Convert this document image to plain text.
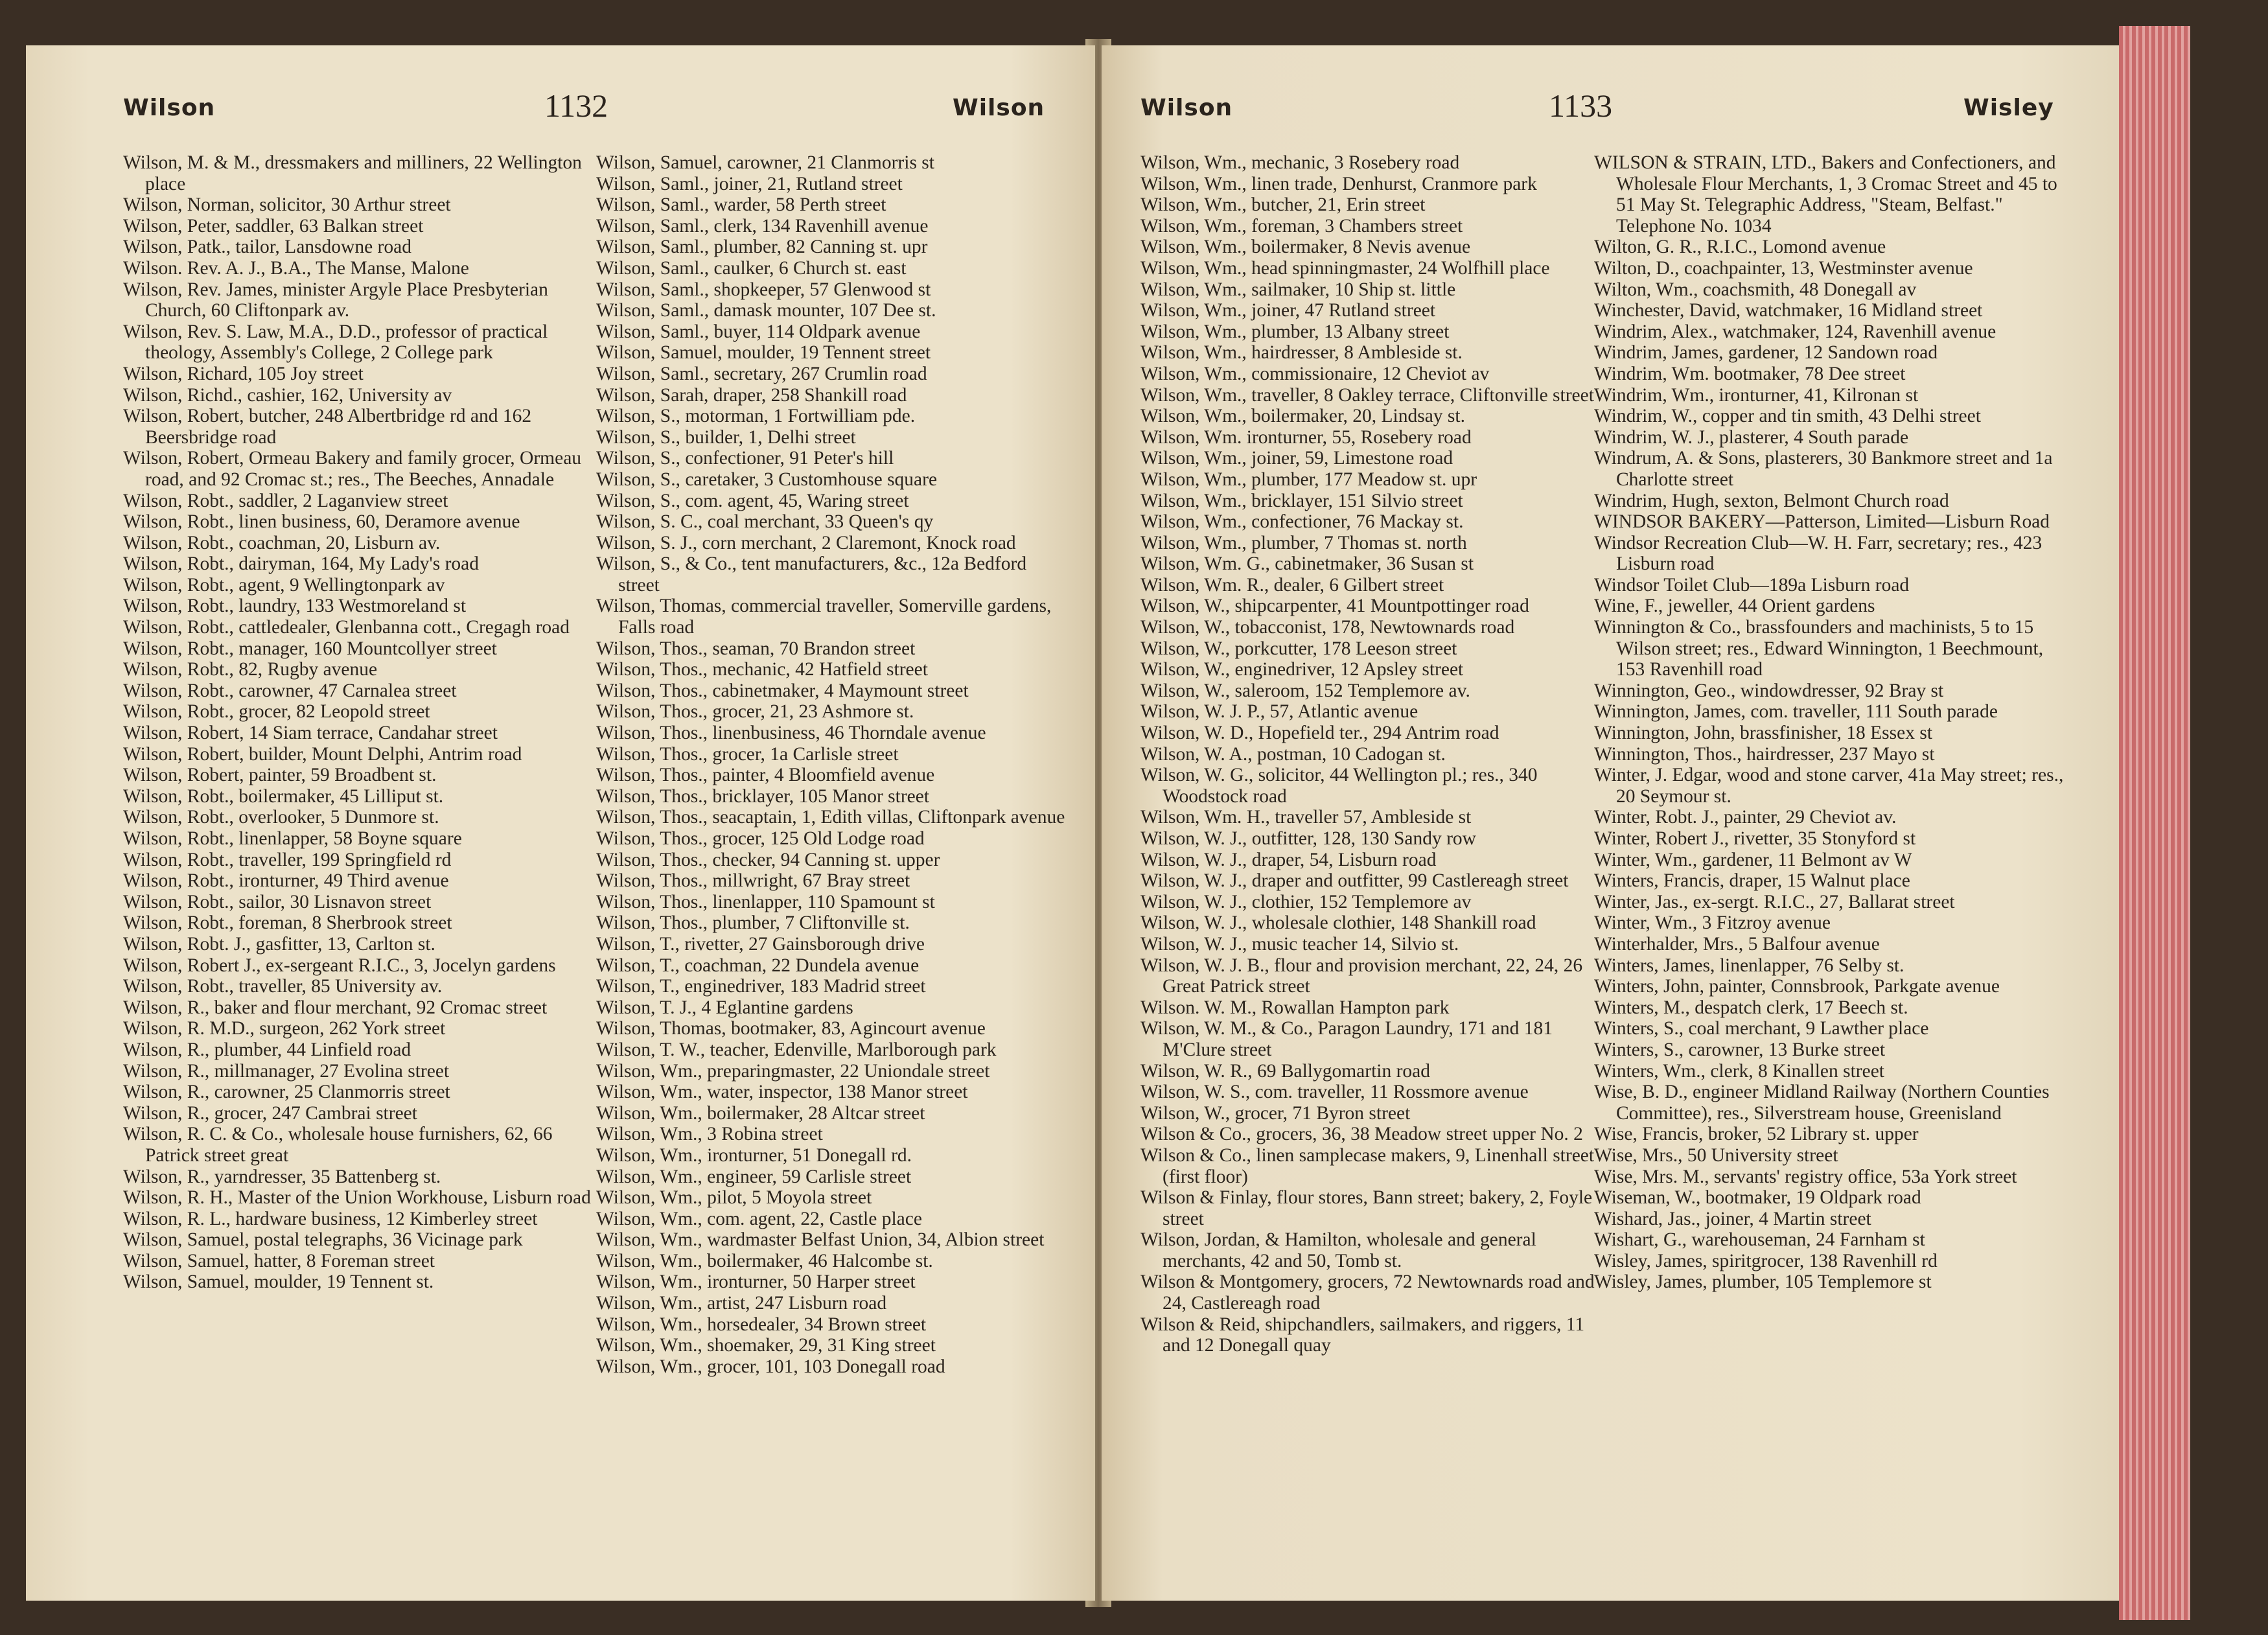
Wilson	1132	Wilson

Wilson, M. & M., dressmakers and milliners, 22 Wellington place

Wilson, Norman, solicitor, 30 Arthur street

Wilson, Peter, saddler, 63 Balkan street

Wilson, Patk., tailor, Lansdowne road

Wilson. Rev. A. J., B.A., The Manse, Malone

Wilson, Rev. James, minister Argyle Place Presbyterian Church, 60 Cliftonpark av.

Wilson, Rev. S. Law, M.A., D.D., professor of practical theology, Assembly's College, 2 College park

Wilson, Richard, 105 Joy street

Wilson, Richd., cashier, 162, University av

Wilson, Robert, butcher, 248 Albertbridge rd and 162 Beersbridge road

Wilson, Robert, Ormeau Bakery and family grocer, Ormeau road, and 92 Cromac st.; res., The Beeches, Annadale

Wilson, Robt., saddler, 2 Laganview street

Wilson, Robt., linen business, 60, Deramore avenue

Wilson, Robt., coachman, 20, Lisburn av.

Wilson, Robt., dairyman, 164, My Lady's road

Wilson, Robt., agent, 9 Wellingtonpark av

Wilson, Robt., laundry, 133 Westmoreland st

Wilson, Robt., cattledealer, Glenbanna cott., Cregagh road

Wilson, Robt., manager, 160 Mountcollyer street

Wilson, Robt., 82, Rugby avenue

Wilson, Robt., carowner, 47 Carnalea street

Wilson, Robt., grocer, 82 Leopold street

Wilson, Robert, 14 Siam terrace, Candahar street

Wilson, Robert, builder, Mount Delphi, Antrim road

Wilson, Robert, painter, 59 Broadbent st.

Wilson, Robt., boilermaker, 45 Lilliput st.

Wilson, Robt., overlooker, 5 Dunmore st.

Wilson, Robt., linenlapper, 58 Boyne square

Wilson, Robt., traveller, 199 Springfield rd

Wilson, Robt., ironturner, 49 Third avenue

Wilson, Robt., sailor, 30 Lisnavon street

Wilson, Robt., foreman, 8 Sherbrook street

Wilson, Robt. J., gasfitter, 13, Carlton st.

Wilson, Robert J., ex-sergeant R.I.C., 3, Jocelyn gardens

Wilson, Robt., traveller, 85 University av.

Wilson, R., baker and flour merchant, 92 Cromac street

Wilson, R. M.D., surgeon, 262 York street

Wilson, R., plumber, 44 Linfield road

Wilson, R., millmanager, 27 Evolina street

Wilson, R., carowner, 25 Clanmorris street

Wilson, R., grocer, 247 Cambrai street

Wilson, R. C. & Co., wholesale house furnishers, 62, 66 Patrick street great

Wilson, R., yarndresser, 35 Battenberg st.

Wilson, R. H., Master of the Union Workhouse, Lisburn road

Wilson, R. L., hardware business, 12 Kimberley street

Wilson, Samuel, postal telegraphs, 36 Vicinage park

Wilson, Samuel, hatter, 8 Foreman street

Wilson, Samuel, moulder, 19 Tennent st.

Wilson, Samuel, carowner, 21 Clanmorris st

Wilson, Saml., joiner, 21, Rutland street

Wilson, Saml., warder, 58 Perth street

Wilson, Saml., clerk, 134 Ravenhill avenue

Wilson, Saml., plumber, 82 Canning st. upr

Wilson, Saml., caulker, 6 Church st. east

Wilson, Saml., shopkeeper, 57 Glenwood st

Wilson, Saml., damask mounter, 107 Dee st.

Wilson, Saml., buyer, 114 Oldpark avenue

Wilson, Samuel, moulder, 19 Tennent street

Wilson, Saml., secretary, 267 Crumlin road

Wilson, Sarah, draper, 258 Shankill road

Wilson, S., motorman, 1 Fortwilliam pde.

Wilson, S., builder, 1, Delhi street

Wilson, S., confectioner, 91 Peter's hill

Wilson, S., caretaker, 3 Customhouse square

Wilson, S., com. agent, 45, Waring street

Wilson, S. C., coal merchant, 33 Queen's qy

Wilson, S. J., corn merchant, 2 Claremont, Knock road

Wilson, S., & Co., tent manufacturers, &c., 12a Bedford street

Wilson, Thomas, commercial traveller, Somerville gardens, Falls road

Wilson, Thos., seaman, 70 Brandon street

Wilson, Thos., mechanic, 42 Hatfield street

Wilson, Thos., cabinetmaker, 4 Maymount street

Wilson, Thos., grocer, 21, 23 Ashmore st.

Wilson, Thos., linenbusiness, 46 Thorndale avenue

Wilson, Thos., grocer, 1a Carlisle street

Wilson, Thos., painter, 4 Bloomfield avenue

Wilson, Thos., bricklayer, 105 Manor street

Wilson, Thos., seacaptain, 1, Edith villas, Cliftonpark avenue

Wilson, Thos., grocer, 125 Old Lodge road

Wilson, Thos., checker, 94 Canning st. upper

Wilson, Thos., millwright, 67 Bray street

Wilson, Thos., linenlapper, 110 Spamount st

Wilson, Thos., plumber, 7 Cliftonville st.

Wilson, T., rivetter, 27 Gainsborough drive

Wilson, T., coachman, 22 Dundela avenue

Wilson, T., enginedriver, 183 Madrid street

Wilson, T. J., 4 Eglantine gardens

Wilson, Thomas, bootmaker, 83, Agincourt avenue

Wilson, T. W., teacher, Edenville, Marlborough park

Wilson, Wm., preparingmaster, 22 Uniondale street

Wilson, Wm., water, inspector, 138 Manor street

Wilson, Wm., boilermaker, 28 Altcar street

Wilson, Wm., 3 Robina street

Wilson, Wm., ironturner, 51 Donegall rd.

Wilson, Wm., engineer, 59 Carlisle street

Wilson, Wm., pilot, 5 Moyola street

Wilson, Wm., com. agent, 22, Castle place

Wilson, Wm., wardmaster Belfast Union, 34, Albion street

Wilson, Wm., boilermaker, 46 Halcombe st.

Wilson, Wm., ironturner, 50 Harper street

Wilson, Wm., artist, 247 Lisburn road

Wilson, Wm., horsedealer, 34 Brown street

Wilson, Wm., shoemaker, 29, 31 King street

Wilson, Wm., grocer, 101, 103 Donegall road

Wilson	1133	Wisley

Wilson, Wm., mechanic, 3 Rosebery road

Wilson, Wm., linen trade, Denhurst, Cranmore park

Wilson, Wm., butcher, 21, Erin street

Wilson, Wm., foreman, 3 Chambers street

Wilson, Wm., boilermaker, 8 Nevis avenue

Wilson, Wm., head spinningmaster, 24 Wolfhill place

Wilson, Wm., sailmaker, 10 Ship st. little

Wilson, Wm., joiner, 47 Rutland street

Wilson, Wm., plumber, 13 Albany street

Wilson, Wm., hairdresser, 8 Ambleside st.

Wilson, Wm., commissionaire, 12 Cheviot av

Wilson, Wm., traveller, 8 Oakley terrace, Cliftonville street

Wilson, Wm., boilermaker, 20, Lindsay st.

Wilson, Wm. ironturner, 55, Rosebery road

Wilson, Wm., joiner, 59, Limestone road

Wilson, Wm., plumber, 177 Meadow st. upr

Wilson, Wm., bricklayer, 151 Silvio street

Wilson, Wm., confectioner, 76 Mackay st.

Wilson, Wm., plumber, 7 Thomas st. north

Wilson, Wm. G., cabinetmaker, 36 Susan st

Wilson, Wm. R., dealer, 6 Gilbert street

Wilson, W., shipcarpenter, 41 Mountpottinger road

Wilson, W., tobacconist, 178, Newtownards road

Wilson, W., porkcutter, 178 Leeson street

Wilson, W., enginedriver, 12 Apsley street

Wilson, W., saleroom, 152 Templemore av.

Wilson, W. J. P., 57, Atlantic avenue

Wilson, W. D., Hopefield ter., 294 Antrim road

Wilson, W. A., postman, 10 Cadogan st.

Wilson, W. G., solicitor, 44 Wellington pl.; res., 340 Woodstock road

Wilson, Wm. H., traveller 57, Ambleside st

Wilson, W. J., outfitter, 128, 130 Sandy row

Wilson, W. J., draper, 54, Lisburn road

Wilson, W. J., draper and outfitter, 99 Castlereagh street

Wilson, W. J., clothier, 152 Templemore av

Wilson, W. J., wholesale clothier, 148 Shankill road

Wilson, W. J., music teacher 14, Silvio st.

Wilson, W. J. B., flour and provision merchant, 22, 24, 26 Great Patrick street

Wilson. W. M., Rowallan Hampton park

Wilson, W. M., & Co., Paragon Laundry, 171 and 181 M'Clure street

Wilson, W. R., 69 Ballygomartin road

Wilson, W. S., com. traveller, 11 Rossmore avenue

Wilson, W., grocer, 71 Byron street

Wilson & Co., grocers, 36, 38 Meadow street upper No. 2

Wilson & Co., linen samplecase makers, 9, Linenhall street (first floor)

Wilson & Finlay, flour stores, Bann street; bakery, 2, Foyle street

Wilson, Jordan, & Hamilton, wholesale and general merchants, 42 and 50, Tomb st.

Wilson & Montgomery, grocers, 72 Newtownards road and 24, Castlereagh road

Wilson & Reid, shipchandlers, sailmakers, and riggers, 11 and 12 Donegall quay

WILSON & STRAIN, LTD., Bakers and Confectioners, and Wholesale Flour Merchants, 1, 3 Cromac Street and 45 to 51 May St. Telegraphic Address, "Steam, Belfast." Telephone No. 1034

Wilton, G. R., R.I.C., Lomond avenue

Wilton, D., coachpainter, 13, Westminster avenue

Wilton, Wm., coachsmith, 48 Donegall av

Winchester, David, watchmaker, 16 Midland street

Windrim, Alex., watchmaker, 124, Ravenhill avenue

Windrim, James, gardener, 12 Sandown road

Windrim, Wm. bootmaker, 78 Dee street

Windrim, Wm., ironturner, 41, Kilronan st

Windrim, W., copper and tin smith, 43 Delhi street

Windrim, W. J., plasterer, 4 South parade

Windrum, A. & Sons, plasterers, 30 Bankmore street and 1a Charlotte street

Windrim, Hugh, sexton, Belmont Church road

WINDSOR BAKERY—Patterson, Limited—Lisburn Road

Windsor Recreation Club—W. H. Farr, secretary; res., 423 Lisburn road

Windsor Toilet Club—189a Lisburn road

Wine, F., jeweller, 44 Orient gardens

Winnington & Co., brassfounders and machinists, 5 to 15 Wilson street; res., Edward Winnington, 1 Beechmount, 153 Ravenhill road

Winnington, Geo., windowdresser, 92 Bray st

Winnington, James, com. traveller, 111 South parade

Winnington, John, brassfinisher, 18 Essex st

Winnington, Thos., hairdresser, 237 Mayo st

Winter, J. Edgar, wood and stone carver, 41a May street; res., 20 Seymour st.

Winter, Robt. J., painter, 29 Cheviot av.

Winter, Robert J., rivetter, 35 Stonyford st

Winter, Wm., gardener, 11 Belmont av W

Winters, Francis, draper, 15 Walnut place

Winter, Jas., ex-sergt. R.I.C., 27, Ballarat street

Winter, Wm., 3 Fitzroy avenue

Winterhalder, Mrs., 5 Balfour avenue

Winters, James, linenlapper, 76 Selby st.

Winters, John, painter, Connsbrook, Parkgate avenue

Winters, M., despatch clerk, 17 Beech st.

Winters, S., coal merchant, 9 Lawther place

Winters, S., carowner, 13 Burke street

Winters, Wm., clerk, 8 Kinallen street

Wise, B. D., engineer Midland Railway (Northern Counties Committee), res., Silverstream house, Greenisland

Wise, Francis, broker, 52 Library st. upper

Wise, Mrs., 50 University street

Wise, Mrs. M., servants' registry office, 53a York street

Wiseman, W., bootmaker, 19 Oldpark road

Wishard, Jas., joiner, 4 Martin street

Wishart, G., warehouseman, 24 Farnham st

Wisley, James, spiritgrocer, 138 Ravenhill rd

Wisley, James, plumber, 105 Templemore st
